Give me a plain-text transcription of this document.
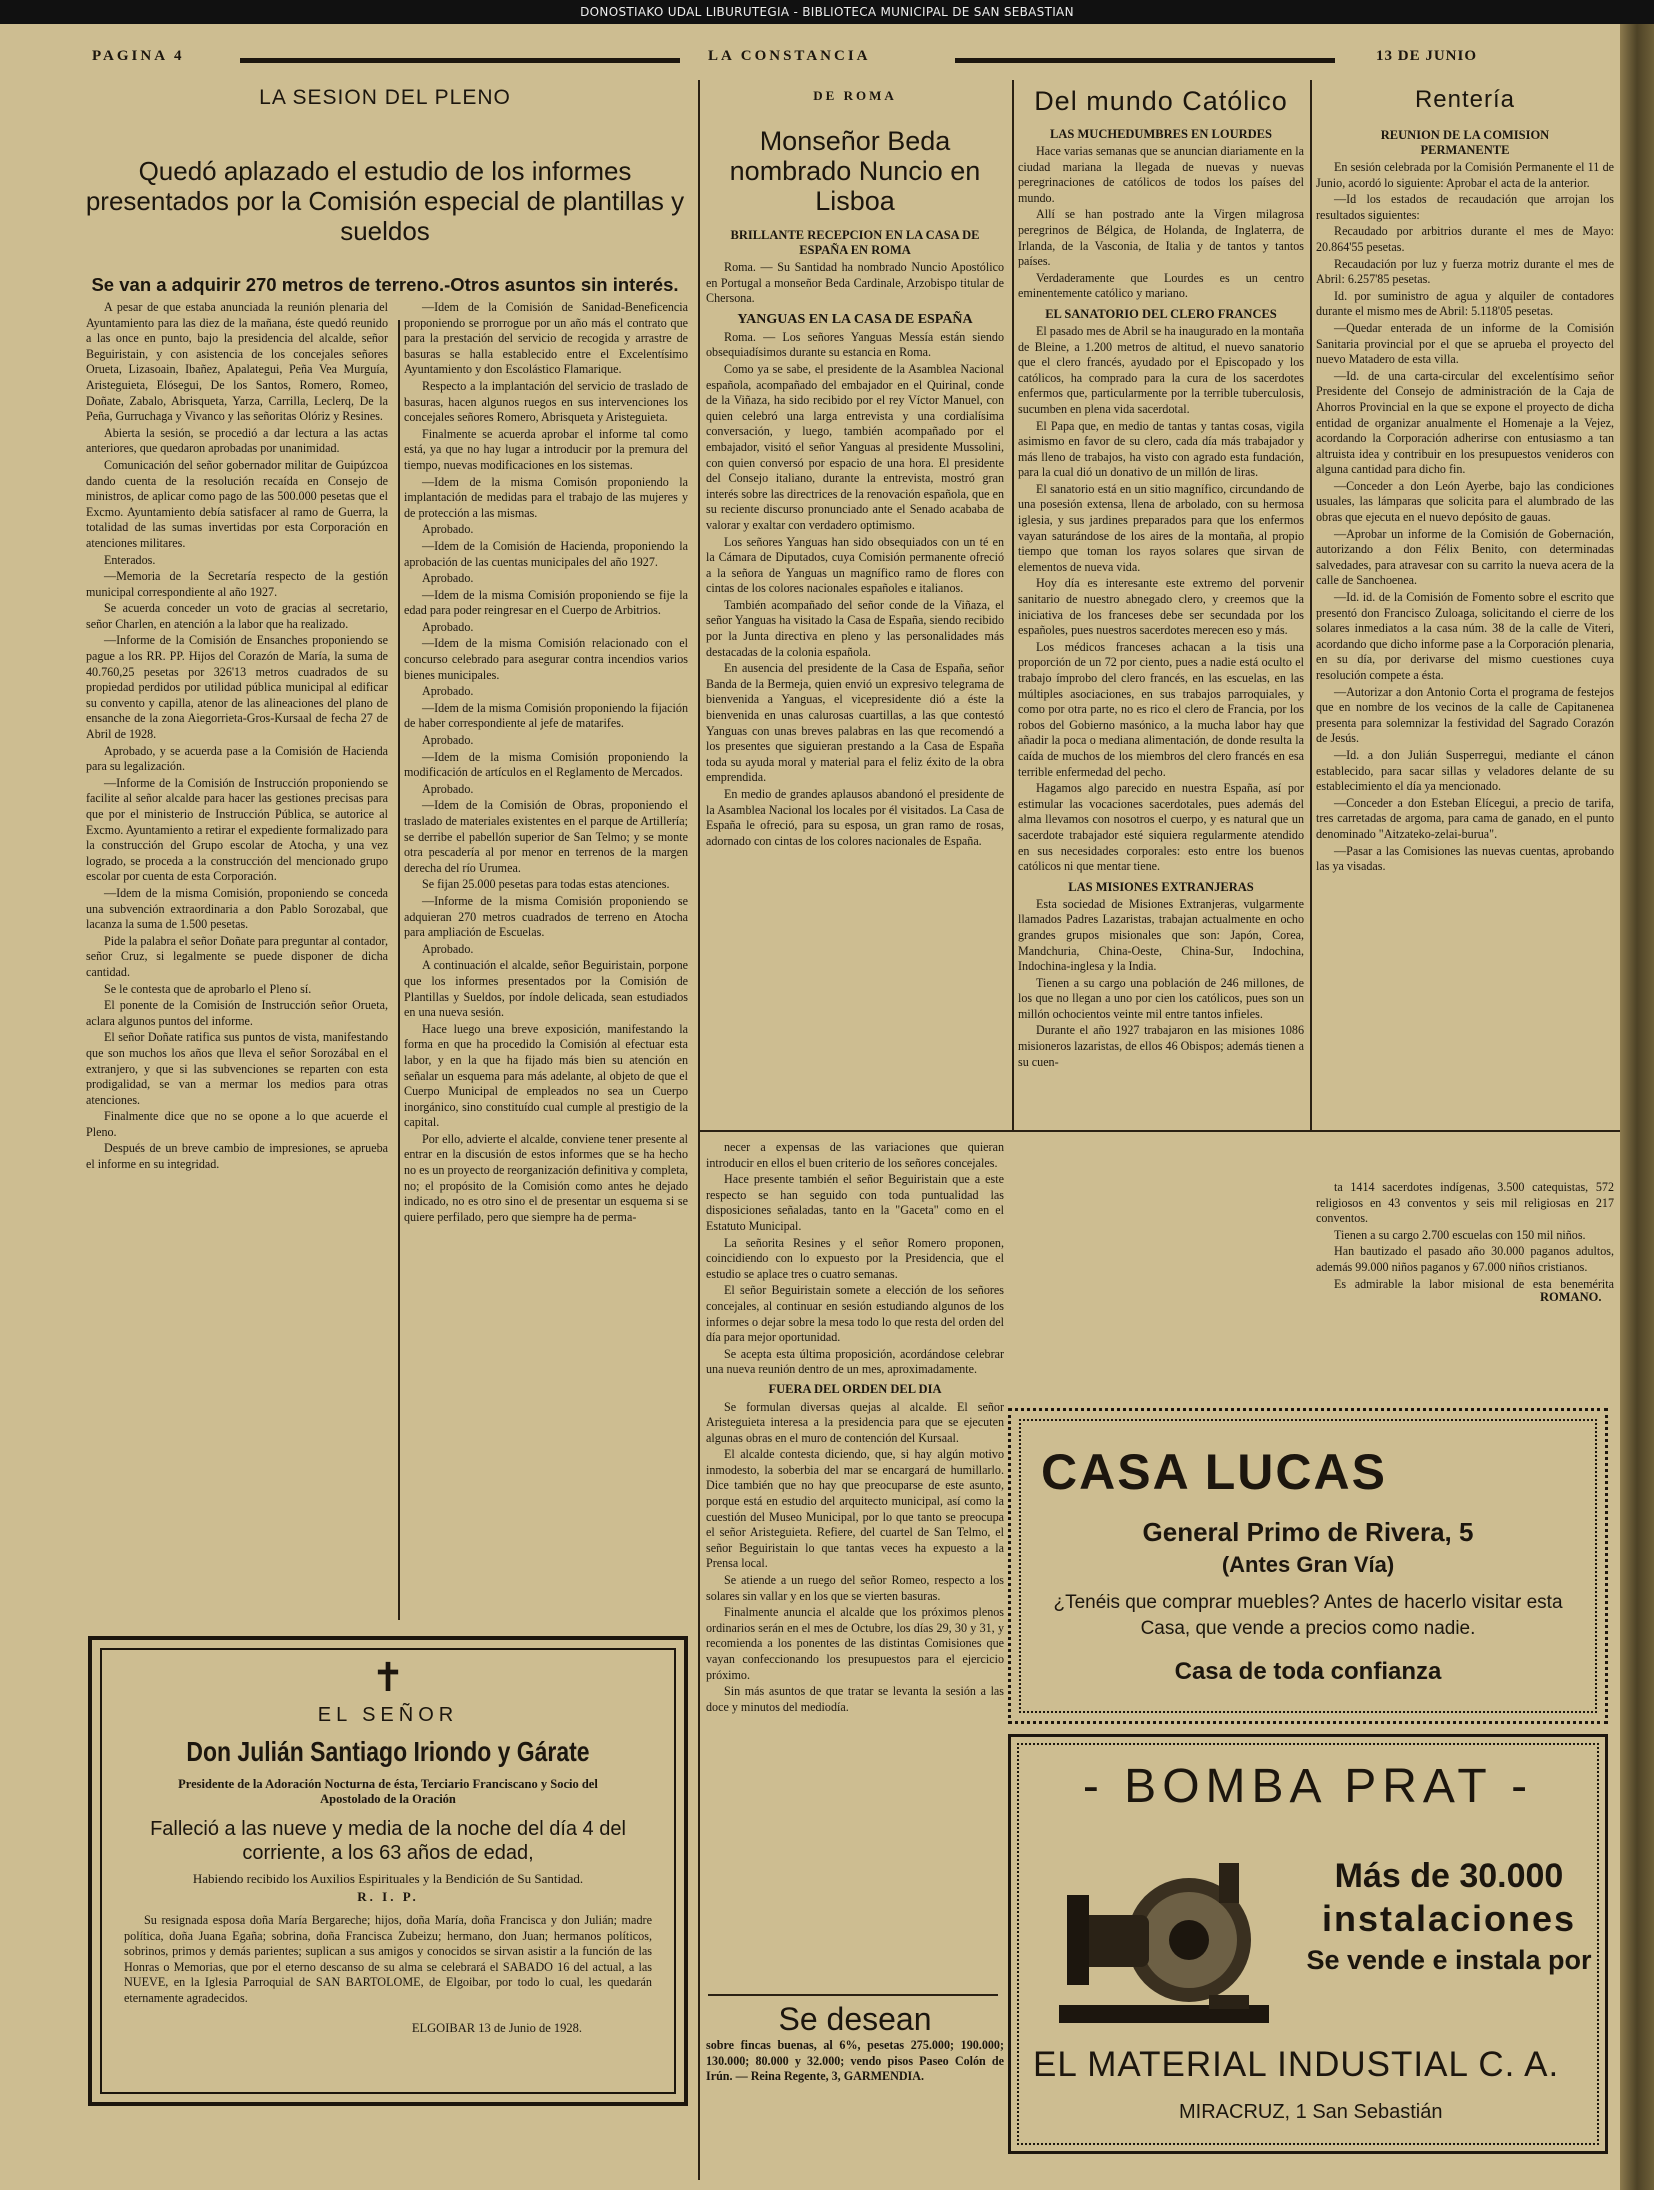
DONOSTIAKO UDAL LIBURUTEGIA - BIBLIOTECA MUNICIPAL DE SAN SEBASTIAN
PAGINA 4	LA CONSTANCIA	13 DE JUNIO
LA SESION DEL PLENO
Quedó aplazado el estudio de los informes presentados por la Comisión especial de plantillas y sueldos
Se van a adquirir 270 metros de terreno.-Otros asuntos sin interés.

A pesar de que estaba anunciada la reunión plenaria del Ayuntamiento para las diez de la mañana, éste quedó reunido a las once en punto, bajo la presidencia del alcalde, señor Beguiristain, y con asistencia de los concejales señores Orueta, Lizasoain, Ibañez, Apalategui, Peña Vea Murguía, Aristeguieta, Elósegui, De los Santos, Romero, Romeo, Doñate, Zabalo, Abrisqueta, Yarza, Carrilla, Leclerq, De la Peña, Gurruchaga y Vivanco y las señoritas Olóriz y Resines.

Abierta la sesión, se procedió a dar lectura a las actas anteriores, que quedaron aprobadas por unanimidad.

Comunicación del señor gobernador militar de Guipúzcoa dando cuenta de la resolución recaída en Consejo de ministros, de aplicar como pago de las 500.000 pesetas que el Excmo. Ayuntamiento debía satisfacer al ramo de Guerra, la totalidad de las sumas invertidas por esta Corporación en atenciones militares.

Enterados.

—Memoria de la Secretaría respecto de la gestión municipal correspondiente al año 1927.

Se acuerda conceder un voto de gracias al secretario, señor Charlen, en atención a la labor que ha realizado.

—Informe de la Comisión de Ensanches proponiendo se pague a los RR. PP. Hijos del Corazón de María, la suma de 40.760,25 pesetas por 326'13 metros cuadrados de su propiedad perdidos por utilidad pública municipal al edificar su convento y capilla, atenor de las alineaciones del plano de ensanche de la zona Aiegorrieta-Gros-Kursaal de fecha 27 de Abril de 1928.

Aprobado, y se acuerda pase a la Comisión de Hacienda para su legalización.

—Informe de la Comisión de Instrucción proponiendo se facilite al señor alcalde para hacer las gestiones precisas para que por el ministerio de Instrucción Pública, se autorice al Excmo. Ayuntamiento a retirar el expediente formalizado para la construcción del Grupo escolar de Atocha, y una vez logrado, se proceda a la construcción del mencionado grupo escolar por cuenta de esta Corporación.

—Idem de la misma Comisión, proponiendo se conceda una subvención extraordinaria a don Pablo Sorozabal, que lacanza la suma de 1.500 pesetas.

Pide la palabra el señor Doñate para preguntar al contador, señor Cruz, si legalmente se puede disponer de dicha cantidad.

Se le contesta que de aprobarlo el Pleno sí.

El ponente de la Comisión de Instrucción señor Orueta, aclara algunos puntos del informe.

El señor Doñate ratifica sus puntos de vista, manifestando que son muchos los años que lleva el señor Sorozábal en el extranjero, y que si las subvenciones se reparten con esta prodigalidad, se van a mermar los medios para otras atenciones.

Finalmente dice que no se opone a lo que acuerde el Pleno.

Después de un breve cambio de impresiones, se aprueba el informe en su integridad.

—Idem de la Comisión de Sanidad-Beneficencia proponiendo se prorrogue por un año más el contrato que para la prestación del servicio de recogida y arrastre de basuras se halla establecido entre el Excelentísimo Ayuntamiento y don Escolástico Flamarique.

Respecto a la implantación del servicio de traslado de basuras, hacen algunos ruegos en sus intervenciones los concejales señores Romero, Abrisqueta y Aristeguieta.

Finalmente se acuerda aprobar el informe tal como está, ya que no hay lugar a introducir por la premura del tiempo, nuevas modificaciones en los sistemas.

—Idem de la misma Comisón proponiendo la implantación de medidas para el trabajo de las mujeres y de protección a las mismas.

Aprobado.

—Idem de la Comisión de Hacienda, proponiendo la aprobación de las cuentas municipales del año 1927.

Aprobado.

—Idem de la misma Comisión proponiendo se fije la edad para poder reingresar en el Cuerpo de Arbitrios.

Aprobado.

—Idem de la misma Comisión relacionado con el concurso celebrado para asegurar contra incendios varios bienes municipales.

Aprobado.

—Idem de la misma Comisión proponiendo la fijación de haber correspondiente al jefe de matarifes.

Aprobado.

—Idem de la misma Comisión proponiendo la modificación de artículos en el Reglamento de Mercados.

Aprobado.

—Idem de la Comisión de Obras, proponiendo el traslado de materiales existentes en el parque de Artillería; se derribe el pabellón superior de San Telmo; y se monte otra pescadería al por menor en terrenos de la margen derecha del río Urumea.

Se fijan 25.000 pesetas para todas estas atenciones.

—Informe de la misma Comisión proponiendo se adquieran 270 metros cuadrados de terreno en Atocha para ampliación de Escuelas.

Aprobado.

A continuación el alcalde, señor Beguiristain, porpone que los informes presentados por la Comisión de Plantillas y Sueldos, por índole delicada, sean estudiados en una nueva sesión.

Hace luego una breve exposición, manifestando la forma en que ha procedido la Comisión al efectuar esta labor, y en la que ha fijado más bien su atención en señalar un esquema para más adelante, al objeto de que el Cuerpo Municipal de empleados no sea un Cuerpo inorgánico, sino constituído cual cumple al prestigio de la capital.

Por ello, advierte el alcalde, conviene tener presente al entrar en la discusión de estos informes que se ha hecho no es un proyecto de reorganización definitiva y completa, no; el propósito de la Comisión como antes he dejado indicado, no es otro sino el de presentar un esquema si se quiere perfilado, pero que siempre ha de perma-

✝
EL SEÑOR
Don Julián Santiago Iriondo y Gárate
Presidente de la Adoración Nocturna de ésta, Terciario Franciscano y Socio del Apostolado de la Oración
Falleció a las nueve y media de la noche del día 4 del corriente, a los 63 años de edad,
Habiendo recibido los Auxilios Espirituales y la Bendición de Su Santidad.
R. I. P.
Su resignada esposa doña María Bergareche; hijos, doña María, doña Francisca y don Julián; madre política, doña Juana Egaña; sobrina, doña Francisca Zubeizu; hermano, don Juan; hermanos políticos, sobrinos, primos y demás parientes; suplican a sus amigos y conocidos se sirvan asistir a la función de las Honras o Memorias, que por el eterno descanso de su alma se celebrará el SABADO 16 del actual, a las NUEVE, en la Iglesia Parroquial de SAN BARTOLOME, de Elgoibar, por todo lo cual, les quedarán eternamente agradecidos.
ELGOIBAR 13 de Junio de 1928.
DE ROMA
Monseñor Beda nombrado Nuncio en Lisboa
BRILLANTE RECEPCION EN LA CASA DE ESPAÑA EN ROMA

Roma. — Su Santidad ha nombrado Nuncio Apostólico en Portugal a monseñor Beda Cardinale, Arzobispo titular de Chersona.

YANGUAS EN LA CASA DE ESPAÑA

Roma. — Los señores Yanguas Messía están siendo obsequiadísimos durante su estancia en Roma.

Como ya se sabe, el presidente de la Asamblea Nacional española, acompañado del embajador en el Quirinal, conde de la Viñaza, ha sido recibido por el rey Víctor Manuel, con quien celebró una larga entrevista y una cordialísima conversación, y luego, también acompañado por el embajador, visitó el señor Yanguas al presidente Mussolini, con quien conversó por espacio de una hora. El presidente del Consejo italiano, durante la entrevista, mostró gran interés sobre las directrices de la renovación española, que en su reciente discurso pronunciado ante el Senado acababa de valorar y exaltar con verdadero optimismo.

Los señores Yanguas han sido obsequiados con un té en la Cámara de Diputados, cuya Comisión permanente ofreció a la señora de Yanguas un magnífico ramo de flores con cintas de los colores nacionales españoles e italianos.

También acompañado del señor conde de la Viñaza, el señor Yanguas ha visitado la Casa de España, siendo recibido por la Junta directiva en pleno y las personalidades más destacadas de la colonia española.

En ausencia del presidente de la Casa de España, señor Banda de la Bermeja, quien envió un expresivo telegrama de bienvenida a Yanguas, el vicepresidente dió a éste la bienvenida en unas calurosas cuartillas, a las que contestó Yanguas con unas breves palabras en las que recomendó a los presentes que siguieran prestando a la Casa de España toda su ayuda moral y material para el feliz éxito de la obra emprendida.

En medio de grandes aplausos abandonó el presidente de la Asamblea Nacional los locales por él visitados. La Casa de España le ofreció, para su esposa, un gran ramo de rosas, adornado con cintas de los colores nacionales de España.

necer a expensas de las variaciones que quieran introducir en ellos el buen criterio de los señores concejales.

Hace presente también el señor Beguiristain que a este respecto se han seguido con toda puntualidad las disposiciones señaladas, tanto en la "Gaceta" como en el Estatuto Municipal.

La señorita Resines y el señor Romero proponen, coincidiendo con lo expuesto por la Presidencia, que el estudio se aplace tres o cuatro semanas.

El señor Beguiristain somete a elección de los señores concejales, al continuar en sesión estudiando algunos de los informes o dejar sobre la mesa todo lo que resta del orden del día para mejor oportunidad.

Se acepta esta última proposición, acordándose celebrar una nueva reunión dentro de un mes, aproximadamente.

FUERA DEL ORDEN DEL DIA

Se formulan diversas quejas al alcalde. El señor Aristeguieta interesa a la presidencia para que se ejecuten algunas obras en el muro de contención del Kursaal.

El alcalde contesta diciendo, que, si hay algún motivo inmodesto, la soberbia del mar se encargará de humillarlo. Dice también que no hay que preocuparse de este asunto, porque está en estudio del arquitecto municipal, así como la cuestión del Museo Municipal, por lo que tanto se preocupa el señor Aristeguieta. Refiere, del cuartel de San Telmo, el señor Beguiristain lo que tantas veces ha expuesto a la Prensa local.

Se atiende a un ruego del señor Romeo, respecto a los solares sin vallar y en los que se vierten basuras.

Finalmente anuncia el alcalde que los próximos plenos ordinarios serán en el mes de Octubre, los días 29, 30 y 31, y recomienda a los ponentes de las distintas Comisiones que vayan confeccionando los presupuestos para el ejercicio próximo.

Sin más asuntos de que tratar se levanta la sesión a las doce y minutos del mediodía.

Se desean
sobre fincas buenas, al 6%, pesetas 275.000; 190.000; 130.000; 80.000 y 32.000; vendo pisos Paseo Colón de Irún. — Reina Regente, 3, GARMENDIA.
Del mundo Católico
LAS MUCHEDUMBRES EN LOURDES

Hace varias semanas que se anuncian diariamente en la ciudad mariana la llegada de nuevas y nuevas peregrinaciones de católicos de todos los países del mundo.

Allí se han postrado ante la Virgen milagrosa peregrinos de Bélgica, de Holanda, de Inglaterra, de Irlanda, de la Vasconia, de Italia y de tantos y tantos países.

Verdaderamente que Lourdes es un centro eminentemente católico y mariano.

EL SANATORIO DEL CLERO FRANCES

El pasado mes de Abril se ha inaugurado en la montaña de Bleine, a 1.200 metros de altitud, el nuevo sanatorio que el clero francés, ayudado por el Episcopado y los católicos, ha comprado para la cura de los sacerdotes enfermos que, particularmente por la terrible tuberculosis, sucumben en plena vida sacerdotal.

El Papa que, en medio de tantas y tantas cosas, vigila asimismo en favor de su clero, cada día más trabajador y más lleno de trabajos, ha visto con agrado esta fundación, para la cual dió un donativo de un millón de liras.

El sanatorio está en un sitio magnífico, circundando de una posesión extensa, llena de arbolado, con su hermosa iglesia, y sus jardines preparados para que los enfermos vayan saturándose de los aires de la montaña, al propio tiempo que toman los rayos solares que sirvan de elementos de nueva vida.

Hoy día es interesante este extremo del porvenir sanitario de nuestro abnegado clero, y creemos que la iniciativa de los franceses debe ser secundada por los españoles, pues nuestros sacerdotes merecen eso y más.

Los médicos franceses achacan a la tisis una proporción de un 72 por ciento, pues a nadie está oculto el trabajo ímprobo del clero francés, en las escuelas, en las múltiples asociaciones, en sus trabajos parroquiales, y como por otra parte, no es rico el clero de Francia, por los robos del Gobierno masónico, a la mucha labor hay que añadir la poca o mediana alimentación, de donde resulta la caída de muchos de los miembros del clero francés en esa terrible enfermedad del pecho.

Hagamos algo parecido en nuestra España, así por estimular las vocaciones sacerdotales, pues además del alma llevamos con nosotros el cuerpo, y es natural que un sacerdote trabajador esté siquiera regularmente atendido en sus necesidades corporales: esto entre los buenos católicos ni que mentar tiene.

LAS MISIONES EXTRANJERAS

Esta sociedad de Misiones Extranjeras, vulgarmente llamados Padres Lazaristas, trabajan actualmente en ocho grandes grupos misionales que son: Japón, Corea, Mandchuria, China-Oeste, China-Sur, Indochina, Indochina-inglesa y la India.

Tienen a su cargo una población de 246 millones, de los que no llegan a uno por cien los católicos, pues son un millón ochocientos veinte mil entre tantos infieles.

Durante el año 1927 trabajaron en las misiones 1086 misioneros lazaristas, de ellos 46 Obispos; además tienen a su cuen-

Rentería
REUNION DE LA COMISION PERMANENTE

En sesión celebrada por la Comisión Permanente el 11 de Junio, acordó lo siguiente: Aprobar el acta de la anterior.

—Id los estados de recaudación que arrojan los resultados siguientes:

Recaudado por arbitrios durante el mes de Mayo: 20.864'55 pesetas.

Recaudación por luz y fuerza motriz durante el mes de Abril: 6.257'85 pesetas.

Id. por suministro de agua y alquiler de contadores durante el mismo mes de Abril: 5.118'05 pesetas.

—Quedar enterada de un informe de la Comisión Sanitaria provincial por el que se aprueba el proyecto del nuevo Matadero de esta villa.

—Id. de una carta-circular del excelentísimo señor Presidente del Consejo de administración de la Caja de Ahorros Provincial en la que se expone el proyecto de dicha entidad de organizar anualmente el Homenaje a la Vejez, acordando la Corporación adherirse con entusiasmo a tan altruista idea y contribuir en los presupuestos venideros con alguna cantidad para dicho fin.

—Conceder a don León Ayerbe, bajo las condiciones usuales, las lámparas que solicita para el alumbrado de las obras que ejecuta en el nuevo depósito de gauas.

—Aprobar un informe de la Comisión de Gobernación, autorizando a don Félix Benito, con determinadas salvedades, para atravesar con su carrito la nueva acera de la calle de Sanchoenea.

—Id. id. de la Comisión de Fomento sobre el escrito que presentó don Francisco Zuloaga, solicitando el cierre de los solares inmediatos a la casa núm. 38 de la calle de Viteri, acordando que dicho informe pase a la Corporación plenaria, en su día, por derivarse del mismo cuestiones cuya resolución compete a ésta.

—Autorizar a don Antonio Corta el programa de festejos que en nombre de los vecinos de la calle de Capitanenea presenta para solemnizar la festividad del Sagrado Corazón de Jesús.

—Id. a don Julián Susperregui, mediante el cánon establecido, para sacar sillas y veladores delante de su establecimiento el día ya mencionado.

—Conceder a don Esteban Elícegui, a precio de tarifa, tres carretadas de argoma, para cama de ganado, en el punto denominado "Aitzateko-zelai-burua".

—Pasar a las Comisiones las nuevas cuentas, aprobando las ya visadas.

ta 1414 sacerdotes indígenas, 3.500 catequistas, 572 religiosos en 43 conventos y seis mil religiosas en 217 conventos.

Tienen a su cargo 2.700 escuelas con 150 mil niños.

Han bautizado el pasado año 30.000 paganos adultos, además 99.000 niños paganos y 67.000 niños cristianos.

Es admirable la labor misional de esta benemérita

ROMANO.
CASA LUCAS
General Primo de Rivera, 5
(Antes Gran Vía)
¿Tenéis que comprar muebles? Antes de hacerlo visitar esta Casa, que vende a precios como nadie.
Casa de toda confianza
- BOMBA PRAT -
Más de 30.000
instalaciones
Se vende e instala por
EL MATERIAL INDUSTIAL C. A.
MIRACRUZ, 1 San Sebastián
